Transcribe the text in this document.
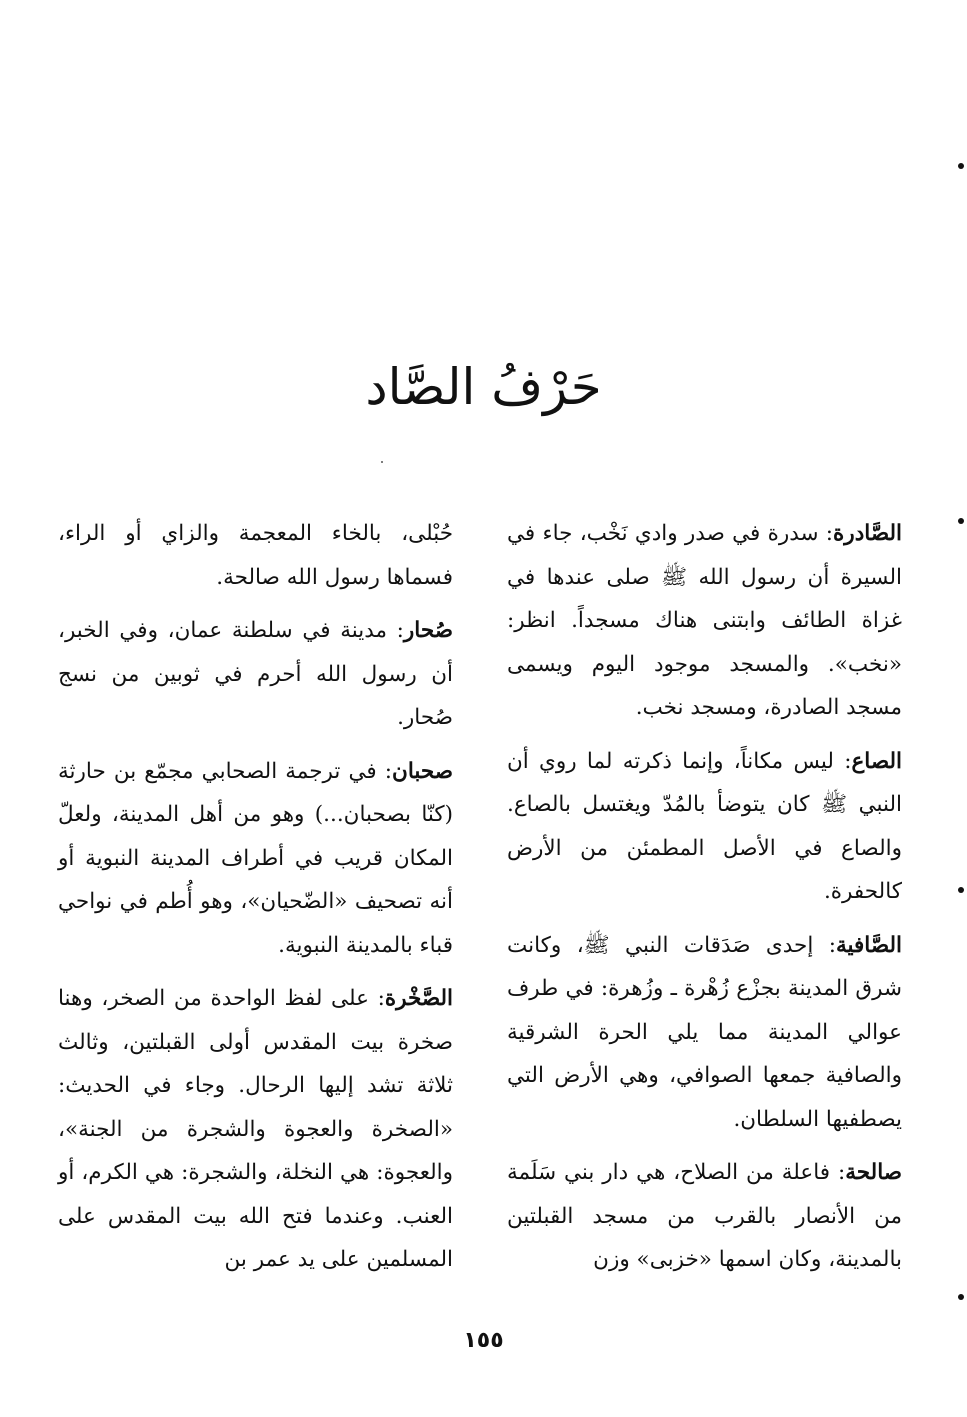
حَرْفُ الصَّاد

الصَّادرة: سدرة في صدر وادي نَخْب، جاء في السيرة أن رسول الله ﷺ صلى عندها في غزاة الطائف وابتنى هناك مسجداً. انظر: «نخب». والمسجد موجود اليوم ويسمى مسجد الصادرة، ومسجد نخب.

الصاع: ليس مكاناً، وإنما ذكرته لما روي أن النبي ﷺ كان يتوضأ بالمُدّ ويغتسل بالصاع. والصاع في الأصل المطمئن من الأرض كالحفرة.

الصَّافية: إحدى صَدَقات النبي ﷺ، وكانت شرق المدينة بجزْع زُهْرة ـ وزُهرة: في طرف عوالي المدينة مما يلي الحرة الشرقية والصافية جمعها الصوافي، وهي الأرض التي يصطفيها السلطان.

صالحة: فاعلة من الصلاح، هي دار بني سَلَمة من الأنصار بالقرب من مسجد القبلتين بالمدينة، وكان اسمها «خزبى» وزن

حُبْلى، بالخاء المعجمة والزاي أو الراء، فسماها رسول الله صالحة.

صُحار: مدينة في سلطنة عمان، وفي الخبر، أن رسول الله أحرم في ثوبين من نسج صُحار.

صحبان: في ترجمة الصحابي مجمّع بن حارثة (كنّا بصحبان...) وهو من أهل المدينة، ولعلّ المكان قريب في أطراف المدينة النبوية أو أنه تصحيف «الضّحيان»، وهو أُطم في نواحي قباء بالمدينة النبوية.

الصَّخْرة: على لفظ الواحدة من الصخر، وهنا صخرة بيت المقدس أولى القبلتين، وثالث ثلاثة تشد إليها الرحال. وجاء في الحديث: «الصخرة والعجوة والشجرة من الجنة»، والعجوة: هي النخلة، والشجرة: هي الكرم، أو العنب. وعندما فتح الله بيت المقدس على المسلمين على يد عمر بن

١٥٥
